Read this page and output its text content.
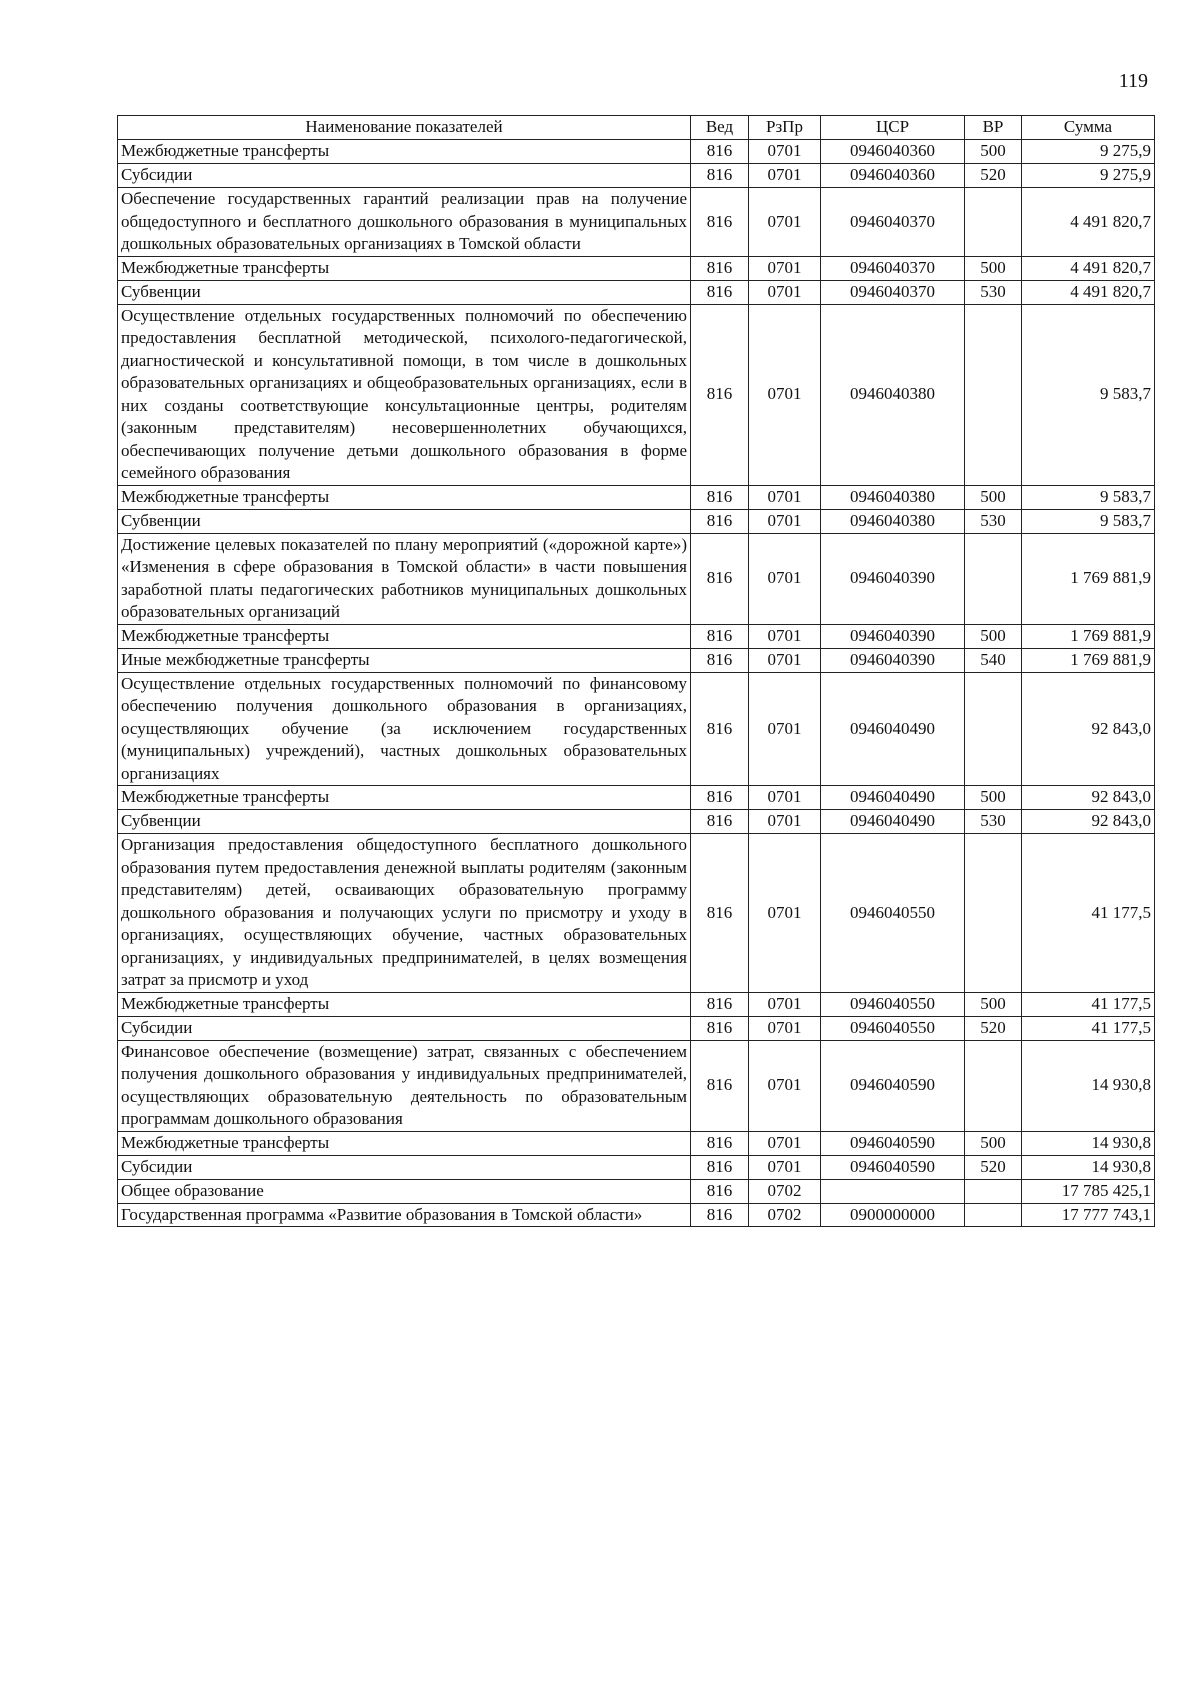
119
Наименование показателей	Вед	РзПр	ЦСР	ВР	Сумма
Межбюджетные трансферты	816	0701	0946040360	500	9 275,9
Субсидии	816	0701	0946040360	520	9 275,9
Обеспечение государственных гарантий реализации прав на получение общедоступного и бесплатного дошкольного образования в муниципальных дошкольных образовательных организациях в Томской области	816	0701	0946040370		4 491 820,7
Межбюджетные трансферты	816	0701	0946040370	500	4 491 820,7
Субвенции	816	0701	0946040370	530	4 491 820,7
Осуществление отдельных государственных полномочий по обеспечению предоставления бесплатной методической, психолого-педагогической, диагностической и консультативной помощи, в том числе в дошкольных образовательных организациях и общеобразовательных организациях, если в них созданы соответствующие консультационные центры, родителям (законным представителям) несовершеннолетних обучающихся, обеспечивающих получение детьми дошкольного образования в форме семейного образования	816	0701	0946040380		9 583,7
Межбюджетные трансферты	816	0701	0946040380	500	9 583,7
Субвенции	816	0701	0946040380	530	9 583,7
Достижение целевых показателей по плану мероприятий («дорожной карте») «Изменения в сфере образования в Томской области» в части повышения заработной платы педагогических работников муниципальных дошкольных образовательных организаций	816	0701	0946040390		1 769 881,9
Межбюджетные трансферты	816	0701	0946040390	500	1 769 881,9
Иные межбюджетные трансферты	816	0701	0946040390	540	1 769 881,9
Осуществление отдельных государственных полномочий по финансовому обеспечению получения дошкольного образования в организациях, осуществляющих обучение (за исключением государственных (муниципальных) учреждений), частных дошкольных образовательных организациях	816	0701	0946040490		92 843,0
Межбюджетные трансферты	816	0701	0946040490	500	92 843,0
Субвенции	816	0701	0946040490	530	92 843,0
Организация предоставления общедоступного бесплатного дошкольного образования путем предоставления денежной выплаты родителям (законным представителям) детей, осваивающих образовательную программу дошкольного образования и получающих услуги по присмотру и уходу в организациях, осуществляющих обучение, частных образовательных организациях, у индивидуальных предпринимателей, в целях возмещения затрат за присмотр и уход	816	0701	0946040550		41 177,5
Межбюджетные трансферты	816	0701	0946040550	500	41 177,5
Субсидии	816	0701	0946040550	520	41 177,5
Финансовое обеспечение (возмещение) затрат, связанных с обеспечением получения дошкольного образования у индивидуальных предпринимателей, осуществляющих образовательную деятельность по образовательным программам дошкольного образования	816	0701	0946040590		14 930,8
Межбюджетные трансферты	816	0701	0946040590	500	14 930,8
Субсидии	816	0701	0946040590	520	14 930,8
Общее образование	816	0702			17 785 425,1
Государственная программа «Развитие образования в Томской области»	816	0702	0900000000		17 777 743,1
